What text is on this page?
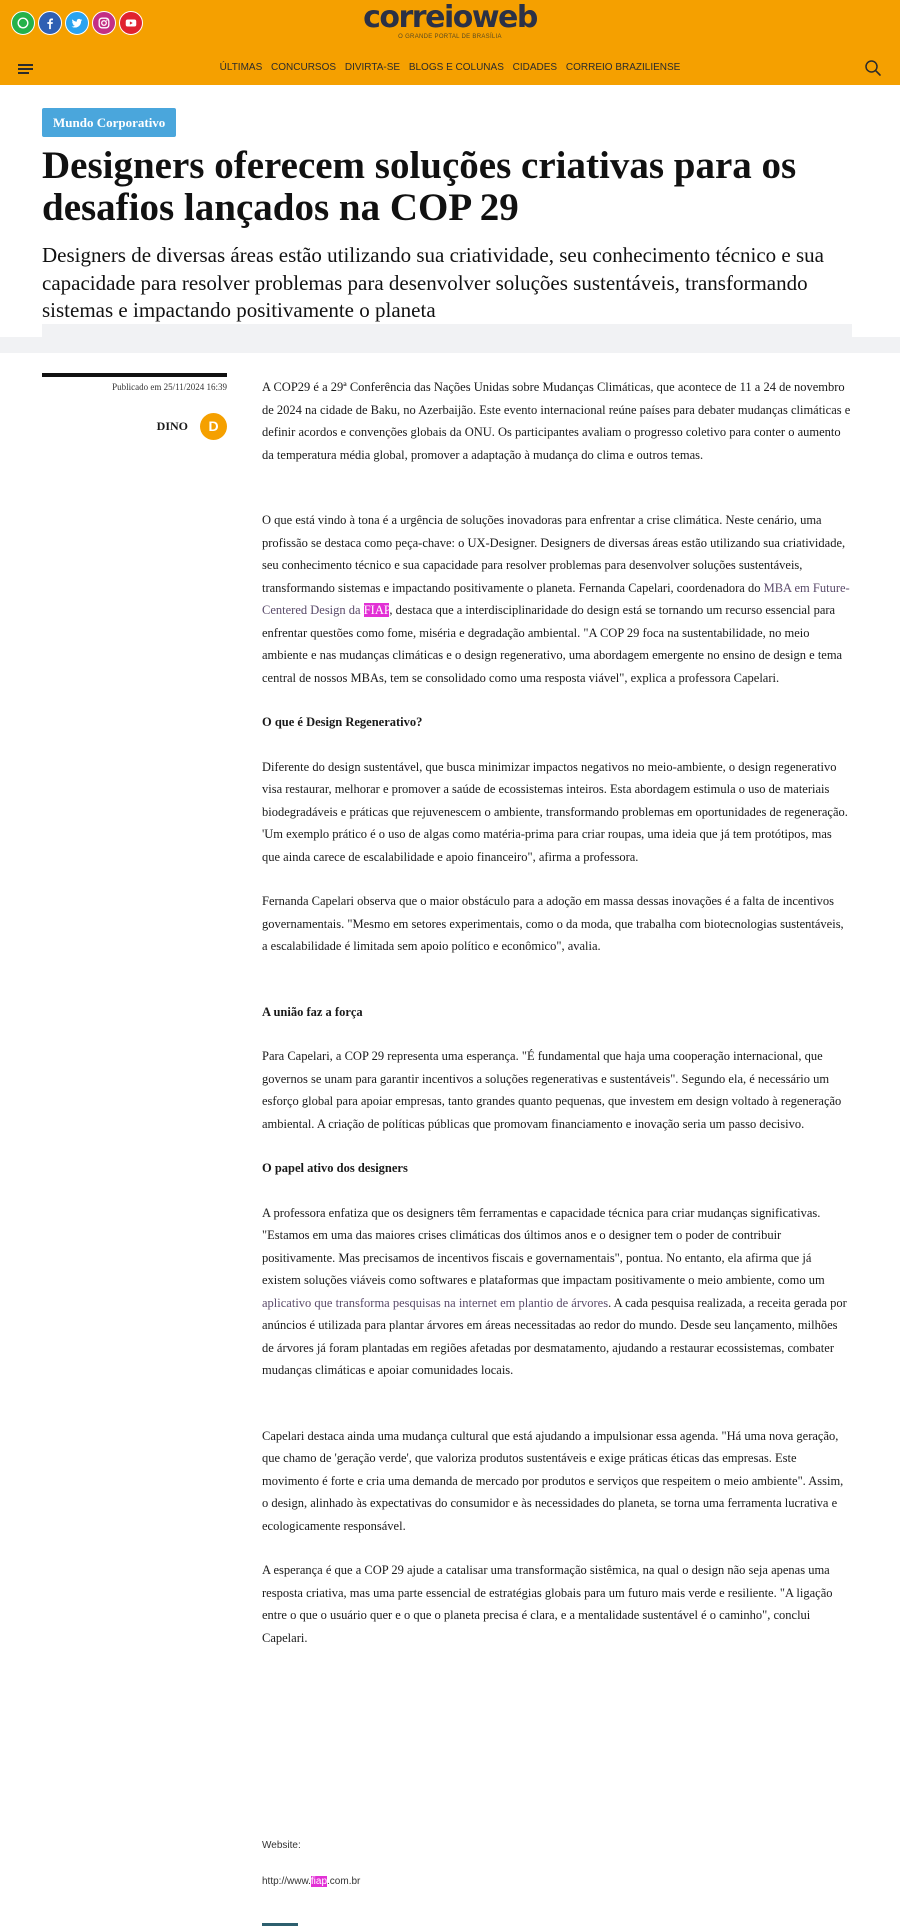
correioweb
O GRANDE PORTAL DE BRASÍLIA
ÚLTIMAS CONCURSOS DIVIRTA-SE BLOGS E COLUNAS CIDADES CORREIO BRAZILIENSE
Mundo Corporativo
Designers oferecem soluções criativas para os desafios lançados na COP 29

Designers de diversas áreas estão utilizando sua criatividade, seu conhecimento técnico e sua capacidade para resolver problemas para desenvolver soluções sustentáveis, transformando sistemas e impactando positivamente o planeta

Publicado em 25/11/2024 16:39
DINO D

A COP29 é a 29ª Conferência das Nações Unidas sobre Mudanças Climáticas, que acontece de 11 a 24 de novembro de 2024 na cidade de Baku, no Azerbaijão. Este evento internacional reúne países para debater mudanças climáticas e definir acordos e convenções globais da ONU. Os participantes avaliam o progresso coletivo para conter o aumento da temperatura média global, promover a adaptação à mudança do clima e outros temas.

O que está vindo à tona é a urgência de soluções inovadoras para enfrentar a crise climática. Neste cenário, uma profissão se destaca como peça-chave: o UX-Designer. Designers de diversas áreas estão utilizando sua criatividade, seu conhecimento técnico e sua capacidade para resolver problemas para desenvolver soluções sustentáveis, transformando sistemas e impactando positivamente o planeta. Fernanda Capelari, coordenadora do MBA em Future-Centered Design da FIAP, destaca que a interdisciplinaridade do design está se tornando um recurso essencial para enfrentar questões como fome, miséria e degradação ambiental. "A COP 29 foca na sustentabilidade, no meio ambiente e nas mudanças climáticas e o design regenerativo, uma abordagem emergente no ensino de design e tema central de nossos MBAs, tem se consolidado como uma resposta viável", explica a professora Capelari.

O que é Design Regenerativo?

Diferente do design sustentável, que busca minimizar impactos negativos no meio-ambiente, o design regenerativo visa restaurar, melhorar e promover a saúde de ecossistemas inteiros. Esta abordagem estimula o uso de materiais biodegradáveis e práticas que rejuvenescem o ambiente, transformando problemas em oportunidades de regeneração. 'Um exemplo prático é o uso de algas como matéria-prima para criar roupas, uma ideia que já tem protótipos, mas que ainda carece de escalabilidade e apoio financeiro", afirma a professora.

Fernanda Capelari observa que o maior obstáculo para a adoção em massa dessas inovações é a falta de incentivos governamentais. "Mesmo em setores experimentais, como o da moda, que trabalha com biotecnologias sustentáveis, a escalabilidade é limitada sem apoio político e econômico", avalia.

A união faz a força

Para Capelari, a COP 29 representa uma esperança. "É fundamental que haja uma cooperação internacional, que governos se unam para garantir incentivos a soluções regenerativas e sustentáveis". Segundo ela, é necessário um esforço global para apoiar empresas, tanto grandes quanto pequenas, que investem em design voltado à regeneração ambiental. A criação de políticas públicas que promovam financiamento e inovação seria um passo decisivo.

O papel ativo dos designers

A professora enfatiza que os designers têm ferramentas e capacidade técnica para criar mudanças significativas. "Estamos em uma das maiores crises climáticas dos últimos anos e o designer tem o poder de contribuir positivamente. Mas precisamos de incentivos fiscais e governamentais", pontua. No entanto, ela afirma que já existem soluções viáveis como softwares e plataformas que impactam positivamente o meio ambiente, como um aplicativo que transforma pesquisas na internet em plantio de árvores. A cada pesquisa realizada, a receita gerada por anúncios é utilizada para plantar árvores em áreas necessitadas ao redor do mundo. Desde seu lançamento, milhões de árvores já foram plantadas em regiões afetadas por desmatamento, ajudando a restaurar ecossistemas, combater mudanças climáticas e apoiar comunidades locais.

Capelari destaca ainda uma mudança cultural que está ajudando a impulsionar essa agenda. "Há uma nova geração, que chamo de 'geração verde', que valoriza produtos sustentáveis e exige práticas éticas das empresas. Este movimento é forte e cria uma demanda de mercado por produtos e serviços que respeitem o meio ambiente". Assim, o design, alinhado às expectativas do consumidor e às necessidades do planeta, se torna uma ferramenta lucrativa e ecologicamente responsável.

A esperança é que a COP 29 ajude a catalisar uma transformação sistêmica, na qual o design não seja apenas uma resposta criativa, mas uma parte essencial de estratégias globais para um futuro mais verde e resiliente. "A ligação entre o que o usuário quer e o que o planeta precisa é clara, e a mentalidade sustentável é o caminho", conclui Capelari.

Website:
http://www.fiap.com.br
